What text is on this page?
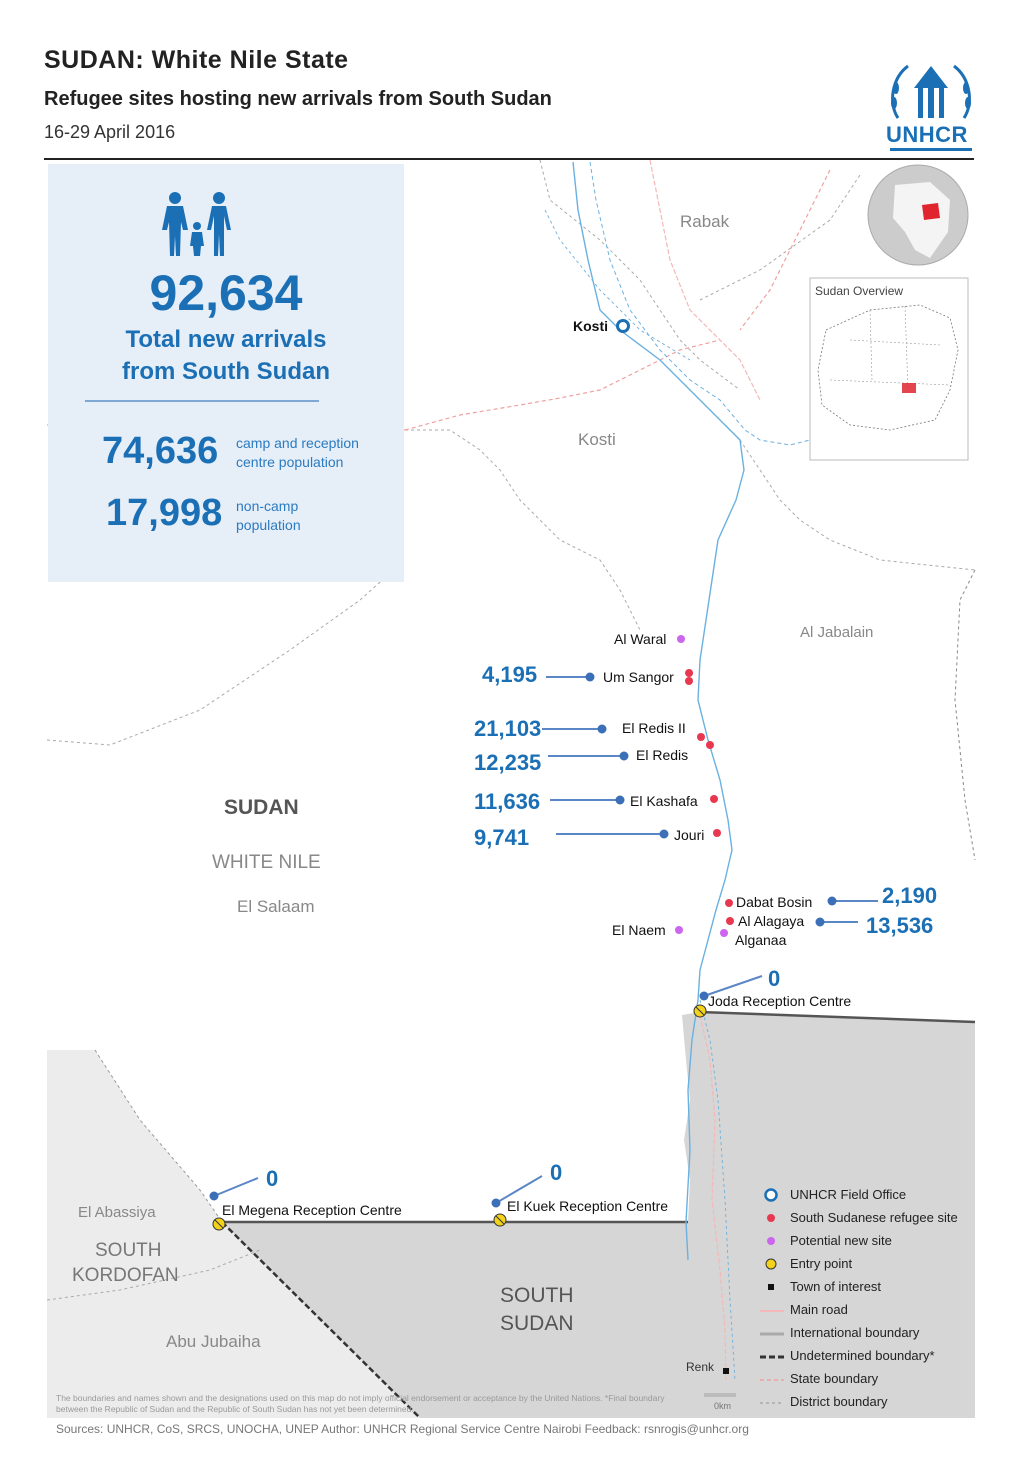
SUDAN: White Nile State
Refugee sites hosting new arrivals from South Sudan
16-29 April 2016	UNHCR
92,634
Total new arrivals
from South Sudan
74,636 camp and reception centre population
17,998 non-camp population
Sudan Overview
Rabak
Kosti
Al Jabalain
SUDAN
WHITE NILE
El Salaam
El Abassiya
SOUTH
KORDOFAN
Abu Jubaiha
SOUTH
SUDAN
Kosti
Renk
Al Waral
Um Sangor
El Redis II
El Redis
El Kashafa
Jouri
Dabat Bosin
Al Alagaya
Alganaa
El Naem
4,195
21,103
12,235
11,636
9,741
2,190
13,536
Joda Reception Centre
0
El Megena Reception Centre
0
El Kuek Reception Centre
0
UNHCR Field Office
South Sudanese refugee site
Potential new site
Entry point
Town of interest
Main road
International boundary
Undetermined boundary*
State boundary
District boundary
0km
The boundaries and names shown and the designations used on this map do not imply official endorsement or acceptance by the United Nations. *Final boundary between the Republic of Sudan and the Republic of South Sudan has not yet been determined.
Sources: UNHCR, CoS, SRCS, UNOCHA, UNEP Author: UNHCR Regional Service Centre Nairobi Feedback: rsnrogis@unhcr.org
